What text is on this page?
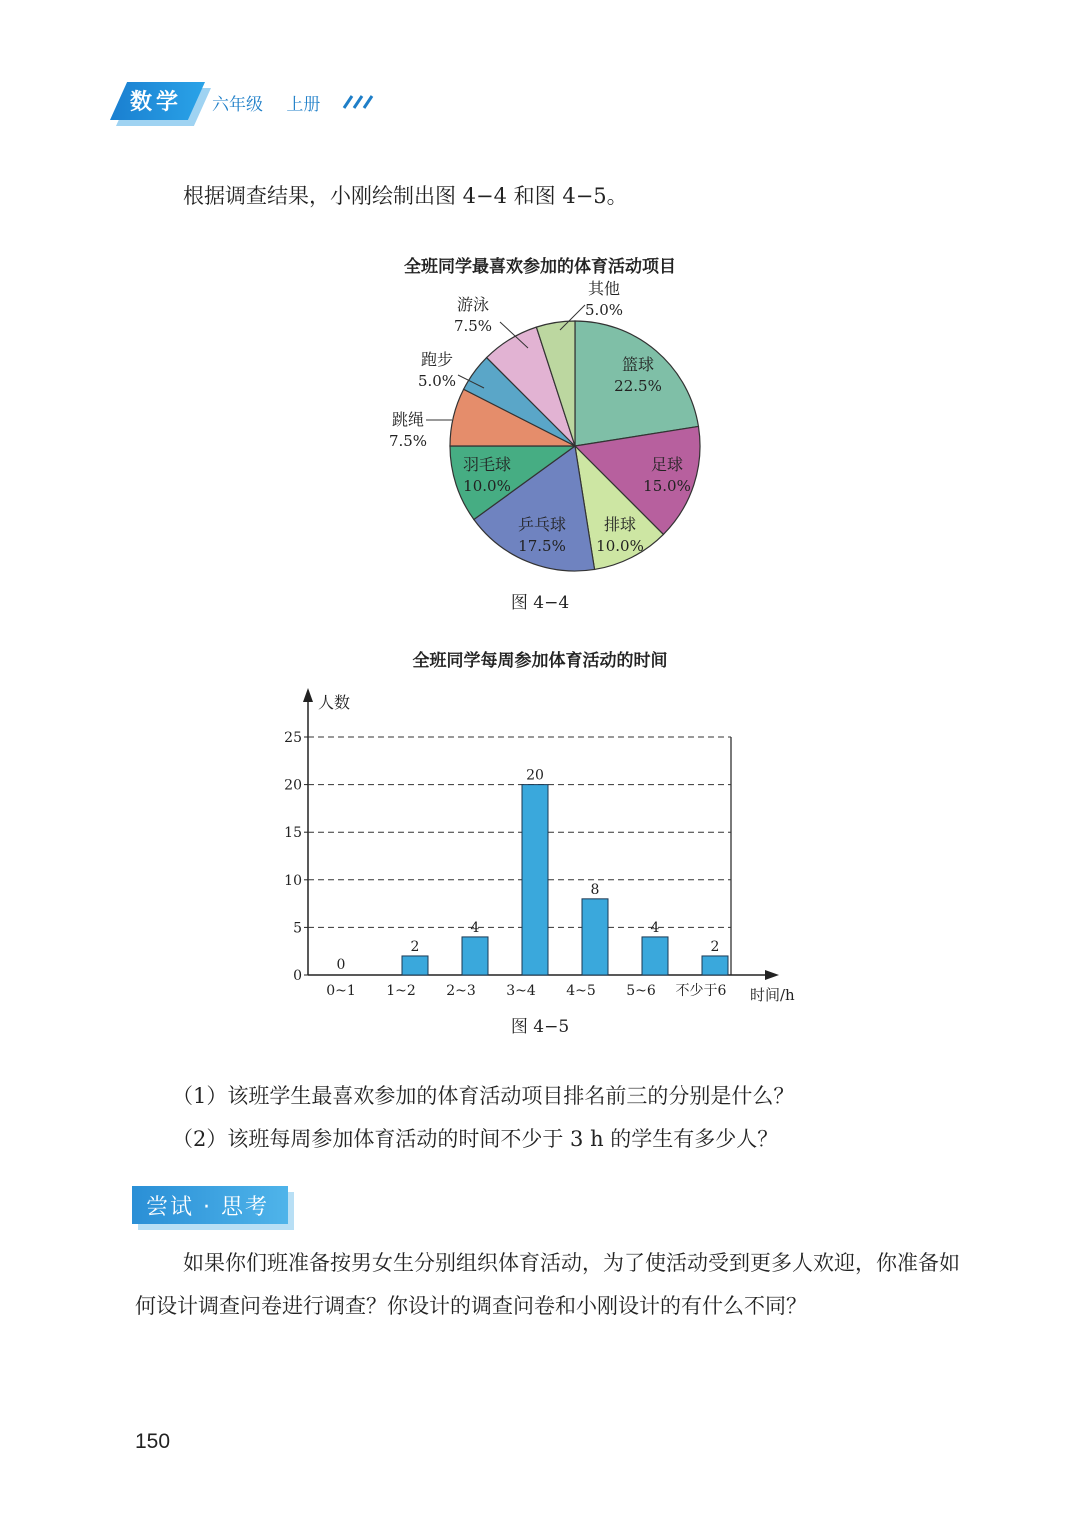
数学 六年级 上册
根据调查结果，小刚绘制出图 4−4 和图 4−5。
全班同学最喜欢参加的体育活动项目
篮球
22.5%
足球
15.0%
排球
10.0%
乒乓球
17.5%
羽毛球
10.0%
跳绳
7.5%
跑步
5.0%
游泳
7.5%
其他
5.0%
图 4−4
全班同学每周参加体育活动的时间
人数
时间/h
0
5
10
15
20
25
0
0~1
2
1~2
4
2~3
20
3~4
8
4~5
4
5~6
2
不少于6
图 4−5
（1）该班学生最喜欢参加的体育活动项目排名前三的分别是什么？
（2）该班每周参加体育活动的时间不少于 3 h 的学生有多少人？
尝试 · 思考
如果你们班准备按男女生分别组织体育活动，为了使活动受到更多人欢迎，你准备如何设计调查问卷进行调查？你设计的调查问卷和小刚设计的有什么不同？
150
